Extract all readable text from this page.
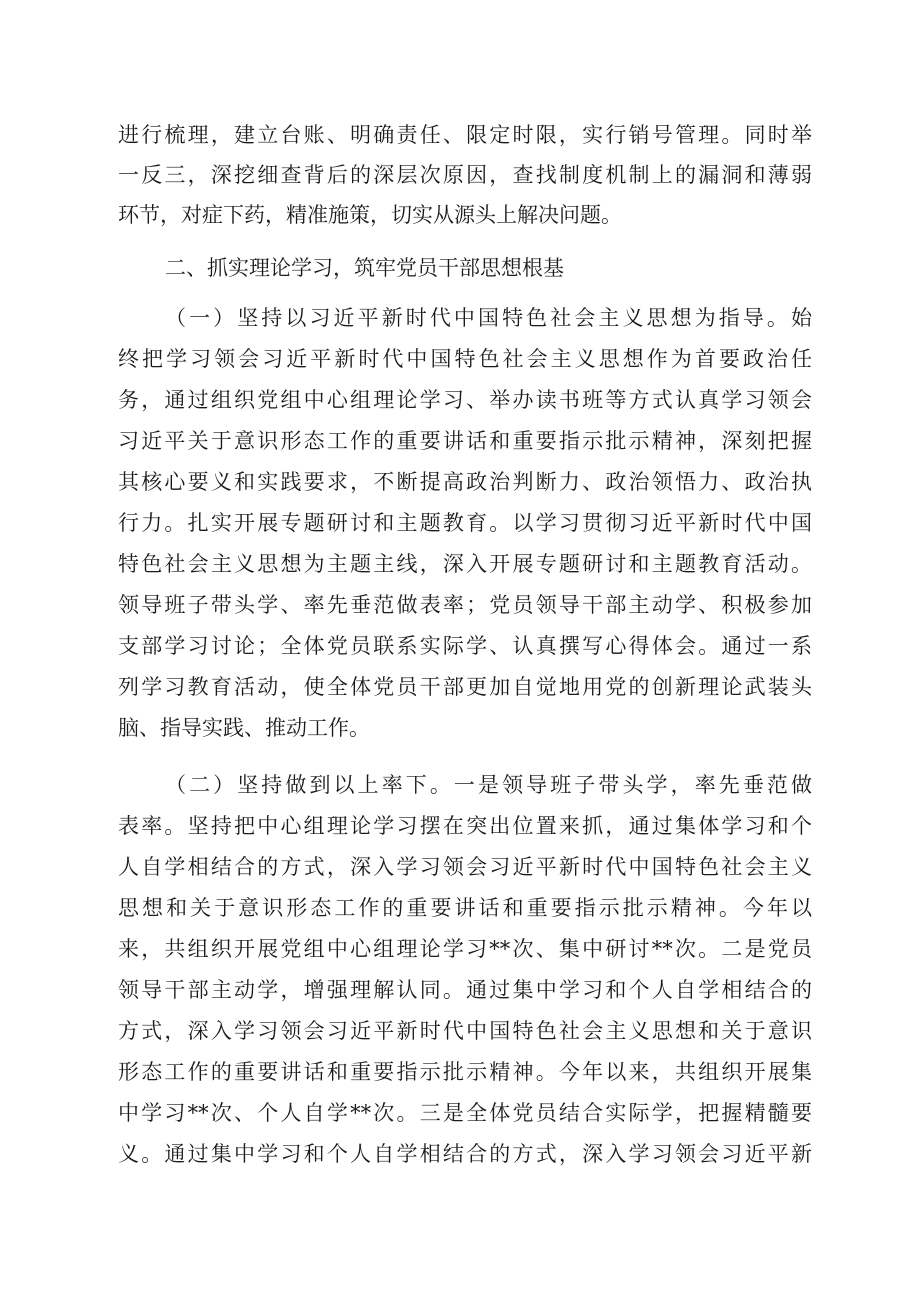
进行梳理，建立台账、明确责任、限定时限，实行销号管理。同时举
一反三，深挖细查背后的深层次原因，查找制度机制上的漏洞和薄弱
环节，对症下药，精准施策，切实从源头上解决问题。
二、抓实理论学习，筑牢党员干部思想根基
（一）坚持以习近平新时代中国特色社会主义思想为指导。始
终把学习领会习近平新时代中国特色社会主义思想作为首要政治任
务，通过组织党组中心组理论学习、举办读书班等方式认真学习领会
习近平关于意识形态工作的重要讲话和重要指示批示精神，深刻把握
其核心要义和实践要求，不断提高政治判断力、政治领悟力、政治执
行力。扎实开展专题研讨和主题教育。以学习贯彻习近平新时代中国
特色社会主义思想为主题主线，深入开展专题研讨和主题教育活动。
领导班子带头学、率先垂范做表率；党员领导干部主动学、积极参加
支部学习讨论；全体党员联系实际学、认真撰写心得体会。通过一系
列学习教育活动，使全体党员干部更加自觉地用党的创新理论武装头
脑、指导实践、推动工作。
（二）坚持做到以上率下。一是领导班子带头学，率先垂范做
表率。坚持把中心组理论学习摆在突出位置来抓，通过集体学习和个
人自学相结合的方式，深入学习领会习近平新时代中国特色社会主义
思想和关于意识形态工作的重要讲话和重要指示批示精神。今年以
来，共组织开展党组中心组理论学习**次、集中研讨**次。二是党员
领导干部主动学，增强理解认同。通过集中学习和个人自学相结合的
方式，深入学习领会习近平新时代中国特色社会主义思想和关于意识
形态工作的重要讲话和重要指示批示精神。今年以来，共组织开展集
中学习**次、个人自学**次。三是全体党员结合实际学，把握精髓要
义。通过集中学习和个人自学相结合的方式，深入学习领会习近平新
